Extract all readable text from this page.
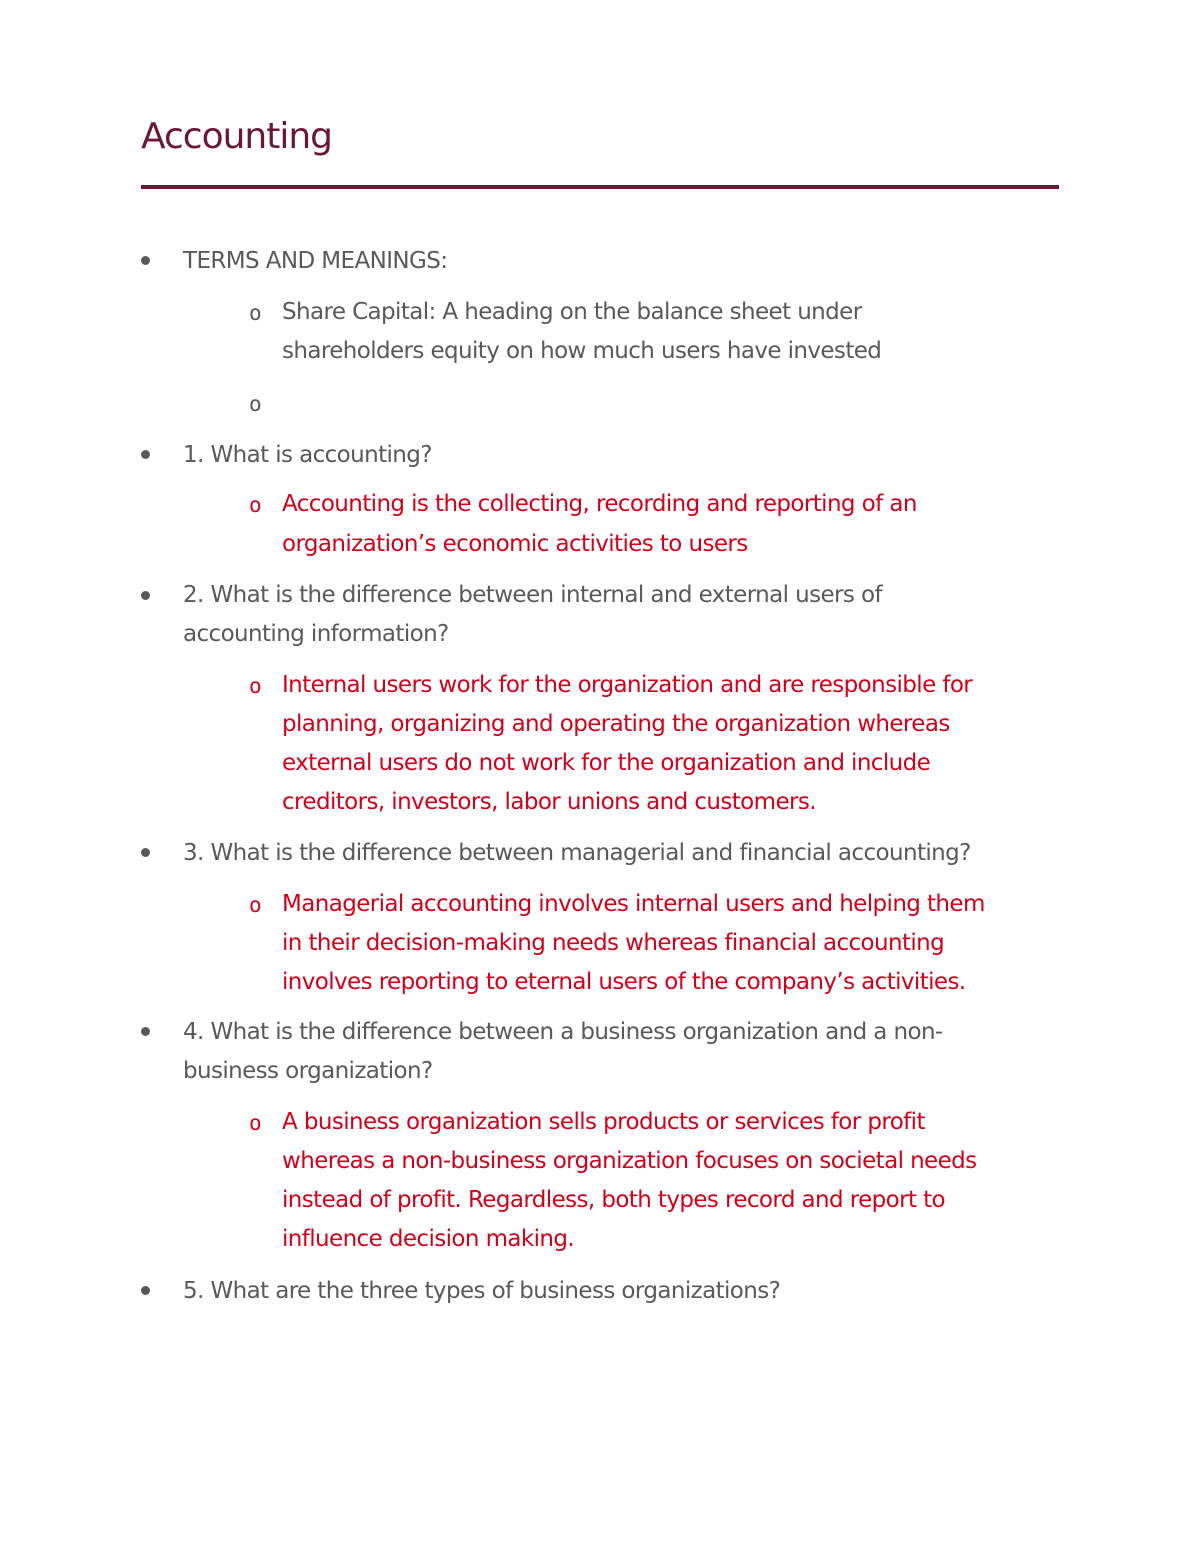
Accounting
TERMS AND MEANINGS:
o Share Capital: A heading on the balance sheet under
shareholders equity on how much users have invested
o
1. What is accounting?
o Accounting is the collecting, recording and reporting of an
organization’s economic activities to users
2. What is the difference between internal and external users of
accounting information?
o Internal users work for the organization and are responsible for
planning, organizing and operating the organization whereas
external users do not work for the organization and include
creditors, investors, labor unions and customers.
3. What is the difference between managerial and financial accounting?
o Managerial accounting involves internal users and helping them
in their decision-making needs whereas financial accounting
involves reporting to eternal users of the company’s activities.
4. What is the difference between a business organization and a non-
business organization?
o A business organization sells products or services for profit
whereas a non-business organization focuses on societal needs
instead of profit. Regardless, both types record and report to
influence decision making.
5. What are the three types of business organizations?
